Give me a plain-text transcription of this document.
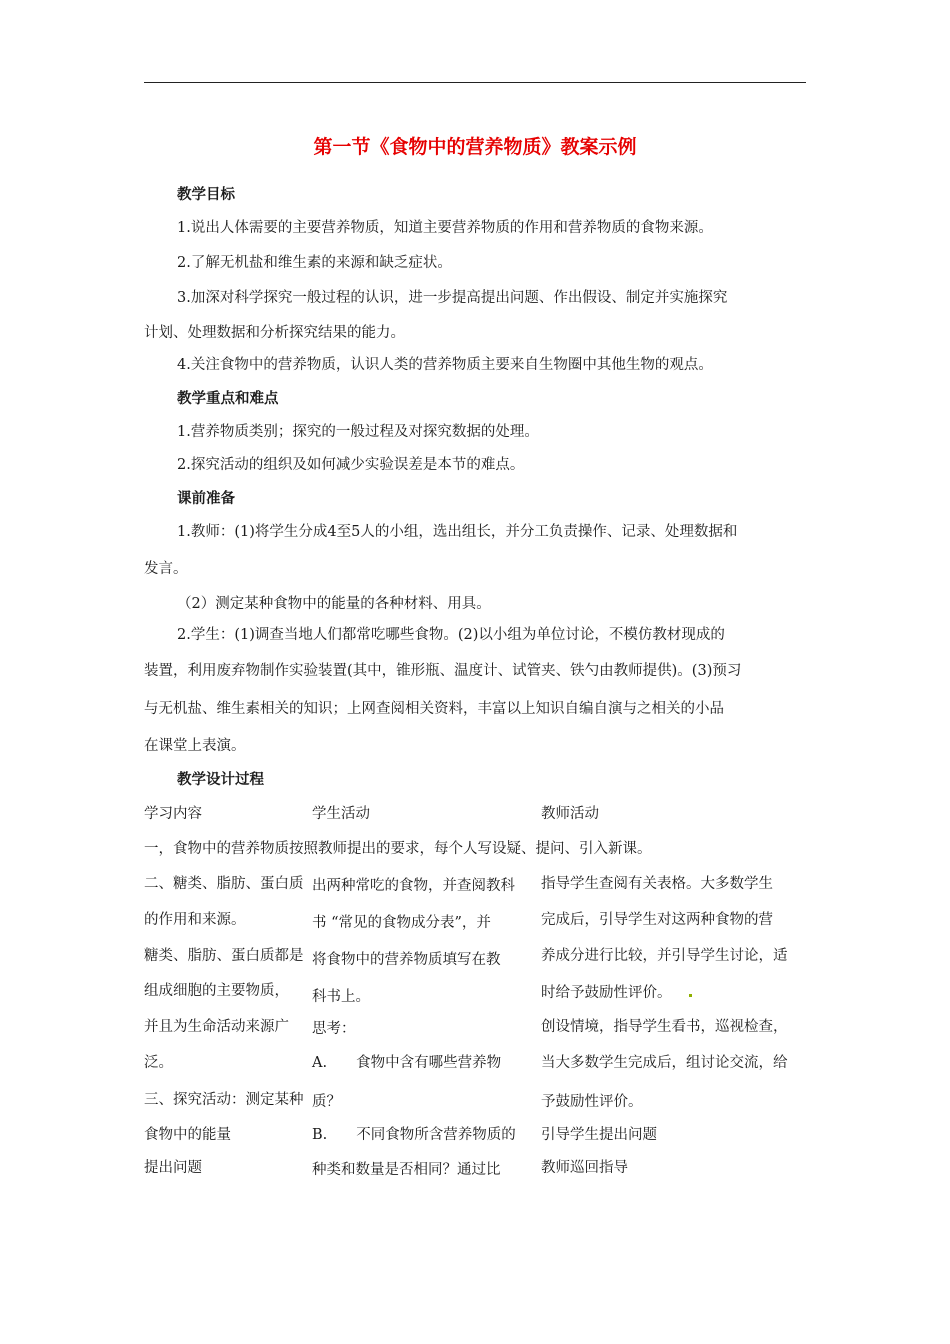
第一节《食物中的营养物质》教案示例
教学目标
1.说出人体需要的主要营养物质，知道主要营养物质的作用和营养物质的食物来源。
2.了解无机盐和维生素的来源和缺乏症状。
3.加深对科学探究一般过程的认识，进一步提高提出问题、作出假设、制定并实施探究
计划、处理数据和分析探究结果的能力。
4.关注食物中的营养物质，认识人类的营养物质主要来自生物圈中其他生物的观点。
教学重点和难点
1.营养物质类别；探究的一般过程及对探究数据的处理。
2.探究活动的组织及如何减少实验误差是本节的难点。
课前准备
1.教师：(1)将学生分成4至5人的小组，选出组长，并分工负责操作、记录、处理数据和
发言。
（2）测定某种食物中的能量的各种材料、用具。
2.学生：(1)调查当地人们都常吃哪些食物。(2)以小组为单位讨论，不模仿教材现成的
装置，利用废弃物制作实验装置(其中，锥形瓶、温度计、试管夹、铁勺由教师提供)。(3)预习
与无机盐、维生素相关的知识；上网查阅相关资料，丰富以上知识自编自演与之相关的小品
在课堂上表演。
教学设计过程
学习内容	学生活动	教师活动
一，食物中的营养物质按照教师提出的要求，每个人写设疑、提问、引入新课。
二、糖类、脂肪、蛋白质
的作用和来源。
糖类、脂肪、蛋白质都是
组成细胞的主要物质，
并且为生命活动来源广
泛。
三、探究活动：测定某种
食物中的能量
提出问题
出两种常吃的食物，并查阅教科
书 “常见的食物成分表”，并
将食物中的营养物质填写在教
科书上。
思考：
A.　　食物中含有哪些营养物
质？
B.　　不同食物所含营养物质的
种类和数量是否相同？通过比
指导学生查阅有关表格。大多数学生
完成后，引导学生对这两种食物的营
养成分进行比较，并引导学生讨论，适
时给予鼓励性评价。
创设情境，指导学生看书，巡视检查，
当大多数学生完成后，组讨论交流，给
予鼓励性评价。
引导学生提出问题
教师巡回指导
